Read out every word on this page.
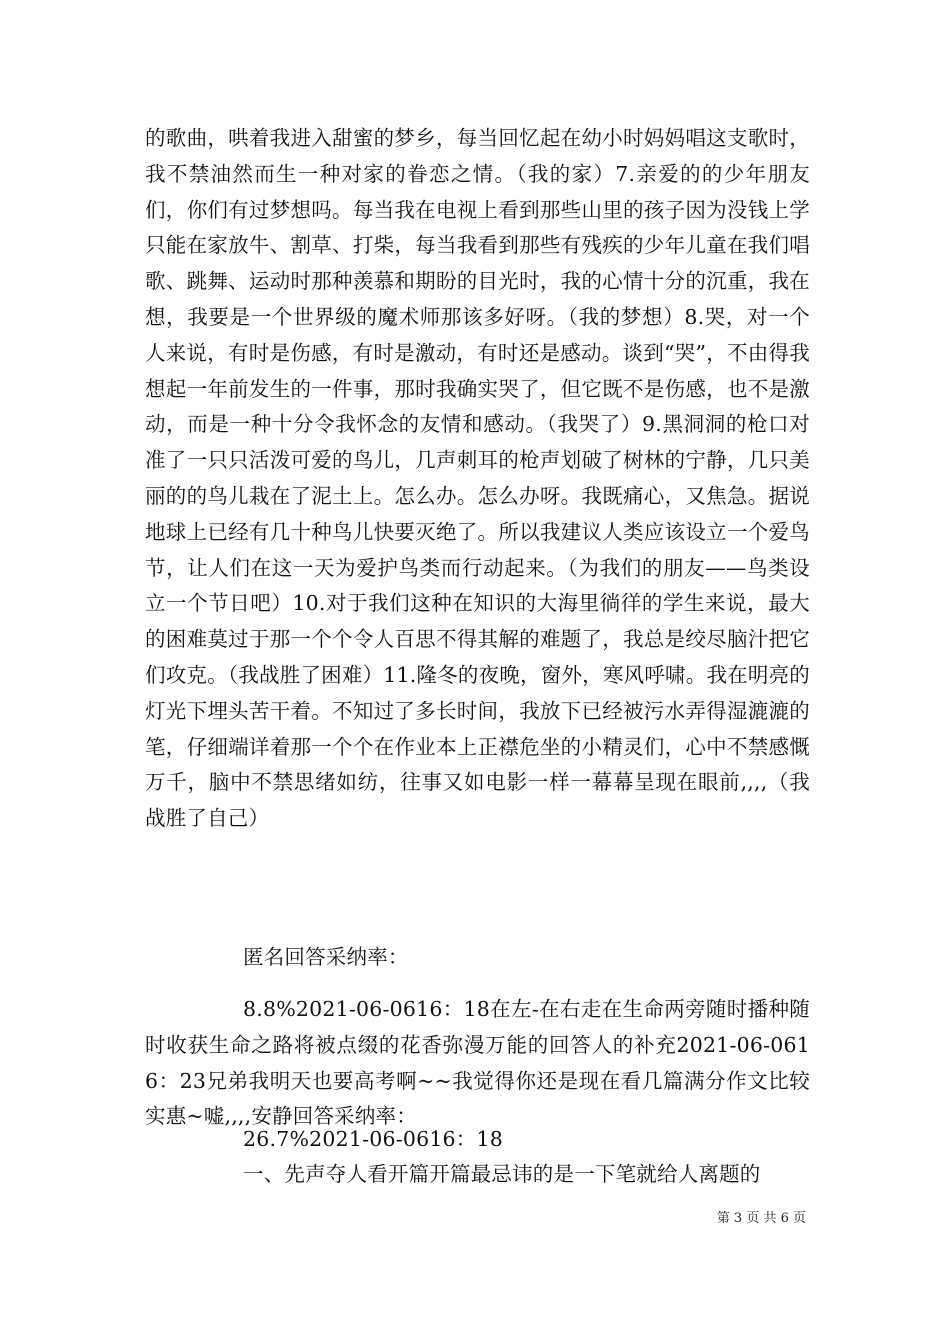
的歌曲，哄着我进入甜蜜的梦乡，每当回忆起在幼小时妈妈唱这支歌时，我不禁油然而生一种对家的眷恋之情。（我的家）7.亲爱的的少年朋友们，你们有过梦想吗。每当我在电视上看到那些山里的孩子因为没钱上学只能在家放牛、割草、打柴，每当我看到那些有残疾的少年儿童在我们唱歌、跳舞、运动时那种羡慕和期盼的目光时，我的心情十分的沉重，我在想，我要是一个世界级的魔术师那该多好呀。（我的梦想）8.哭，对一个人来说，有时是伤感，有时是激动，有时还是感动。谈到“哭”，不由得我想起一年前发生的一件事，那时我确实哭了，但它既不是伤感，也不是激动，而是一种十分令我怀念的友情和感动。（我哭了）9.黑洞洞的枪口对准了一只只活泼可爱的鸟儿，几声刺耳的枪声划破了树林的宁静，几只美丽的的鸟儿栽在了泥土上。怎么办。怎么办呀。我既痛心，又焦急。据说地球上已经有几十种鸟儿快要灭绝了。所以我建议人类应该设立一个爱鸟节，让人们在这一天为爱护鸟类而行动起来。（为我们的朋友——鸟类设立一个节日吧）10.对于我们这种在知识的大海里徜徉的学生来说，最大的困难莫过于那一个个令人百思不得其解的难题了，我总是绞尽脑汁把它们攻克。（我战胜了困难）11.隆冬的夜晚，窗外，寒风呼啸。我在明亮的灯光下埋头苦干着。不知过了多长时间，我放下已经被污水弄得湿漉漉的笔，仔细端详着那一个个在作业本上正襟危坐的小精灵们，心中不禁感慨万千，脑中不禁思绪如纺，往事又如电影一样一幕幕呈现在眼前,,,,（我战胜了自己）

匿名回答采纳率：

8.8%2021-06-0616：18在左-在右走在生命两旁随时播种随时收获生命之路将被点缀的花香弥漫万能的回答人的补充2021-06-0616：23兄弟我明天也要高考啊~~我觉得你还是现在看几篇满分作文比较实惠~嘘,,,,安静回答采纳率：

26.7%2021-06-0616：18

一、先声夺人看开篇开篇最忌讳的是一下笔就给人离题的

第 3 页 共 6 页
